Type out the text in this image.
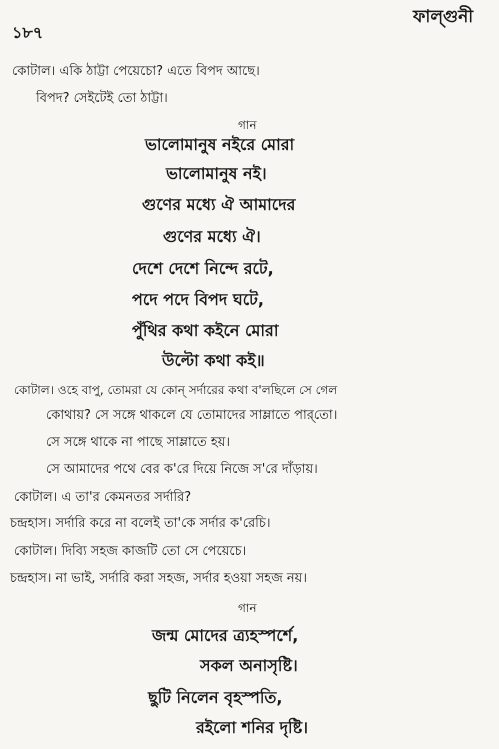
১৮৭
ফাল্গুনী
কোটাল। একি ঠাট্টা পেয়েচো? এতে বিপদ আছে।
বিপদ? সেইটেই তো ঠাট্টা।
গান
ভালোমানুষ নইরে মোরা
ভালোমানুষ নই।
গুণের মধ্যে ঐ আমাদের
গুণের মধ্যে ঐ।
দেশে দেশে নিন্দে রটে,
পদে পদে বিপদ ঘটে,
পুঁথির কথা কইনে মোরা
উল্টো কথা কই॥
কোটাল। ওহে বাপু, তোমরা যে কোন্ সর্দারের কথা ব'লছিলে সে গেল
কোথায়? সে সঙ্গে থাকলে যে তোমাদের সাম্লাতে পার্‌তো।
সে সঙ্গে থাকে না পাছে সাম্লাতে হয়।
সে আমাদের পথে বের ক'রে দিয়ে নিজে স'রে দাঁড়ায়।
কোটাল। এ তা'র কেমনতর সর্দারি?
চন্দ্রহাস। সর্দারি করে না বলেই তা'কে সর্দার ক'রেচি।
কোটাল। দিব্যি সহজ কাজটি তো সে পেয়েচে।
চন্দ্রহাস। না ভাই, সর্দারি করা সহজ, সর্দার হওয়া সহজ নয়।
গান
জন্ম মোদের ত্র্যহস্পর্শে,
সকল অনাসৃষ্টি।
ছুটি নিলেন বৃহস্পতি,
রইলো শনির দৃষ্টি।
